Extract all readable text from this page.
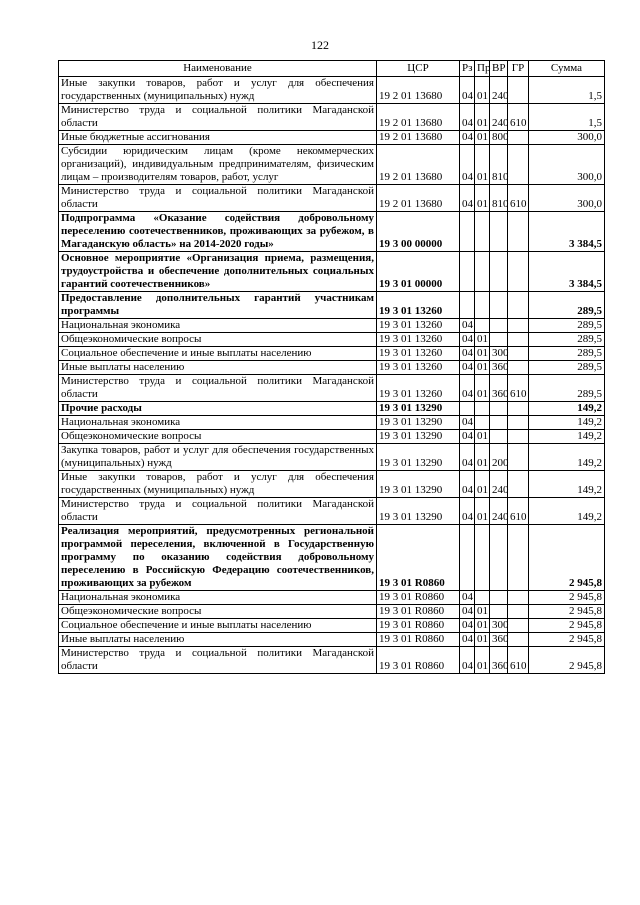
122
Наименование	ЦСР	Рз	Пр	ВР	ГР	Сумма
Иные закупки товаров, работ и услуг для обеспечения государственных (муниципальных) нужд	19 2 01 13680	04	01	240		1,5
Министерство труда и социальной политики Магаданской области	19 2 01 13680	04	01	240	610	1,5
Иные бюджетные ассигнования	19 2 01 13680	04	01	800		300,0
Субсидии юридическим лицам (кроме некоммерческих организаций), индивидуальным предпринимателям, физическим лицам – производителям товаров, работ, услуг	19 2 01 13680	04	01	810		300,0
Министерство труда и социальной политики Магаданской области	19 2 01 13680	04	01	810	610	300,0
Подпрограмма «Оказание содействия добровольному переселению соотечественников, проживающих за рубежом, в Магаданскую область» на 2014-2020 годы»	19 3 00 00000					3 384,5
Основное мероприятие «Организация приема, размещения, трудоустройства и обеспечение дополнительных социальных гарантий соотечественников»	19 3 01 00000					3 384,5
Предоставление дополнительных гарантий участникам программы	19 3 01 13260					289,5
Национальная экономика	19 3 01 13260	04				289,5
Общеэкономические вопросы	19 3 01 13260	04	01			289,5
Социальное обеспечение и иные выплаты населению	19 3 01 13260	04	01	300		289,5
Иные выплаты населению	19 3 01 13260	04	01	360		289,5
Министерство труда и социальной политики Магаданской области	19 3 01 13260	04	01	360	610	289,5
Прочие расходы	19 3 01 13290					149,2
Национальная экономика	19 3 01 13290	04				149,2
Общеэкономические вопросы	19 3 01 13290	04	01			149,2
Закупка товаров, работ и услуг для обеспечения государственных (муниципальных) нужд	19 3 01 13290	04	01	200		149,2
Иные закупки товаров, работ и услуг для обеспечения государственных (муниципальных) нужд	19 3 01 13290	04	01	240		149,2
Министерство труда и социальной политики Магаданской области	19 3 01 13290	04	01	240	610	149,2
Реализация мероприятий, предусмотренных региональной программой переселения, включенной в Государственную программу по оказанию содействия добровольному переселению в Российскую Федерацию соотечественников, проживающих за рубежом	19 3 01 R0860					2 945,8
Национальная экономика	19 3 01 R0860	04				2 945,8
Общеэкономические вопросы	19 3 01 R0860	04	01			2 945,8
Социальное обеспечение и иные выплаты населению	19 3 01 R0860	04	01	300		2 945,8
Иные выплаты населению	19 3 01 R0860	04	01	360		2 945,8
Министерство труда и социальной политики Магаданской области	19 3 01 R0860	04	01	360	610	2 945,8
